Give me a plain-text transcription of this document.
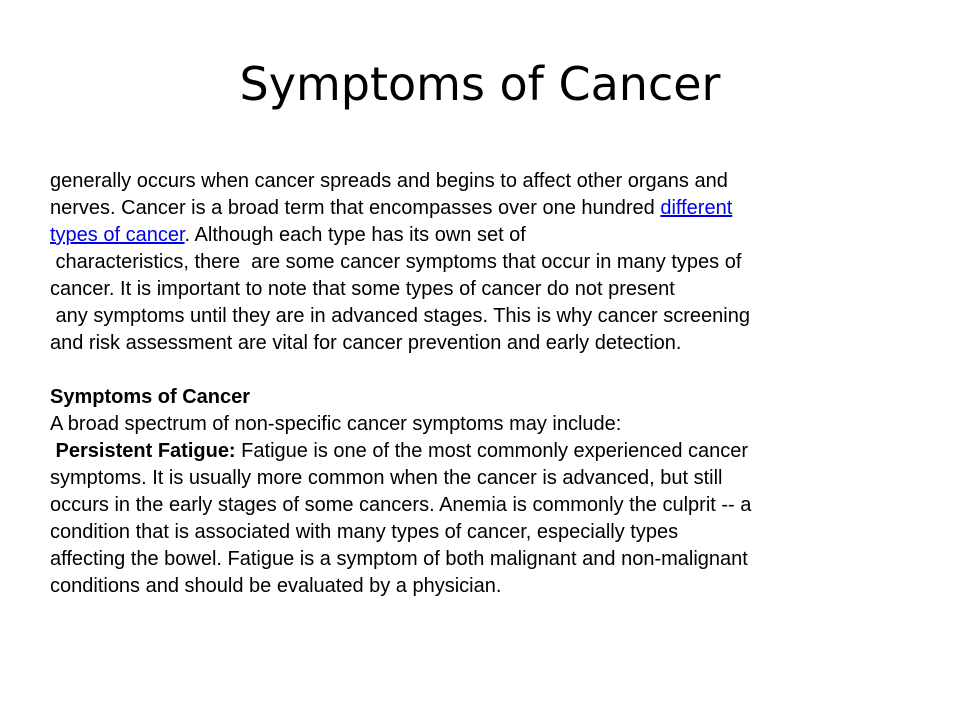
Symptoms of Cancer
generally occurs when cancer spreads and begins to affect other organs and
nerves. Cancer is a broad term that encompasses over one hundred different
types of cancer. Although each type has its own set of
characteristics, there  are some cancer symptoms that occur in many types of
cancer. It is important to note that some types of cancer do not present
any symptoms until they are in advanced stages. This is why cancer screening
and risk assessment are vital for cancer prevention and early detection.
Symptoms of Cancer
A broad spectrum of non-specific cancer symptoms may include:
Persistent Fatigue: Fatigue is one of the most commonly experienced cancer
symptoms. It is usually more common when the cancer is advanced, but still
occurs in the early stages of some cancers. Anemia is commonly the culprit -- a
condition that is associated with many types of cancer, especially types
affecting the bowel. Fatigue is a symptom of both malignant and non-malignant
conditions and should be evaluated by a physician.
